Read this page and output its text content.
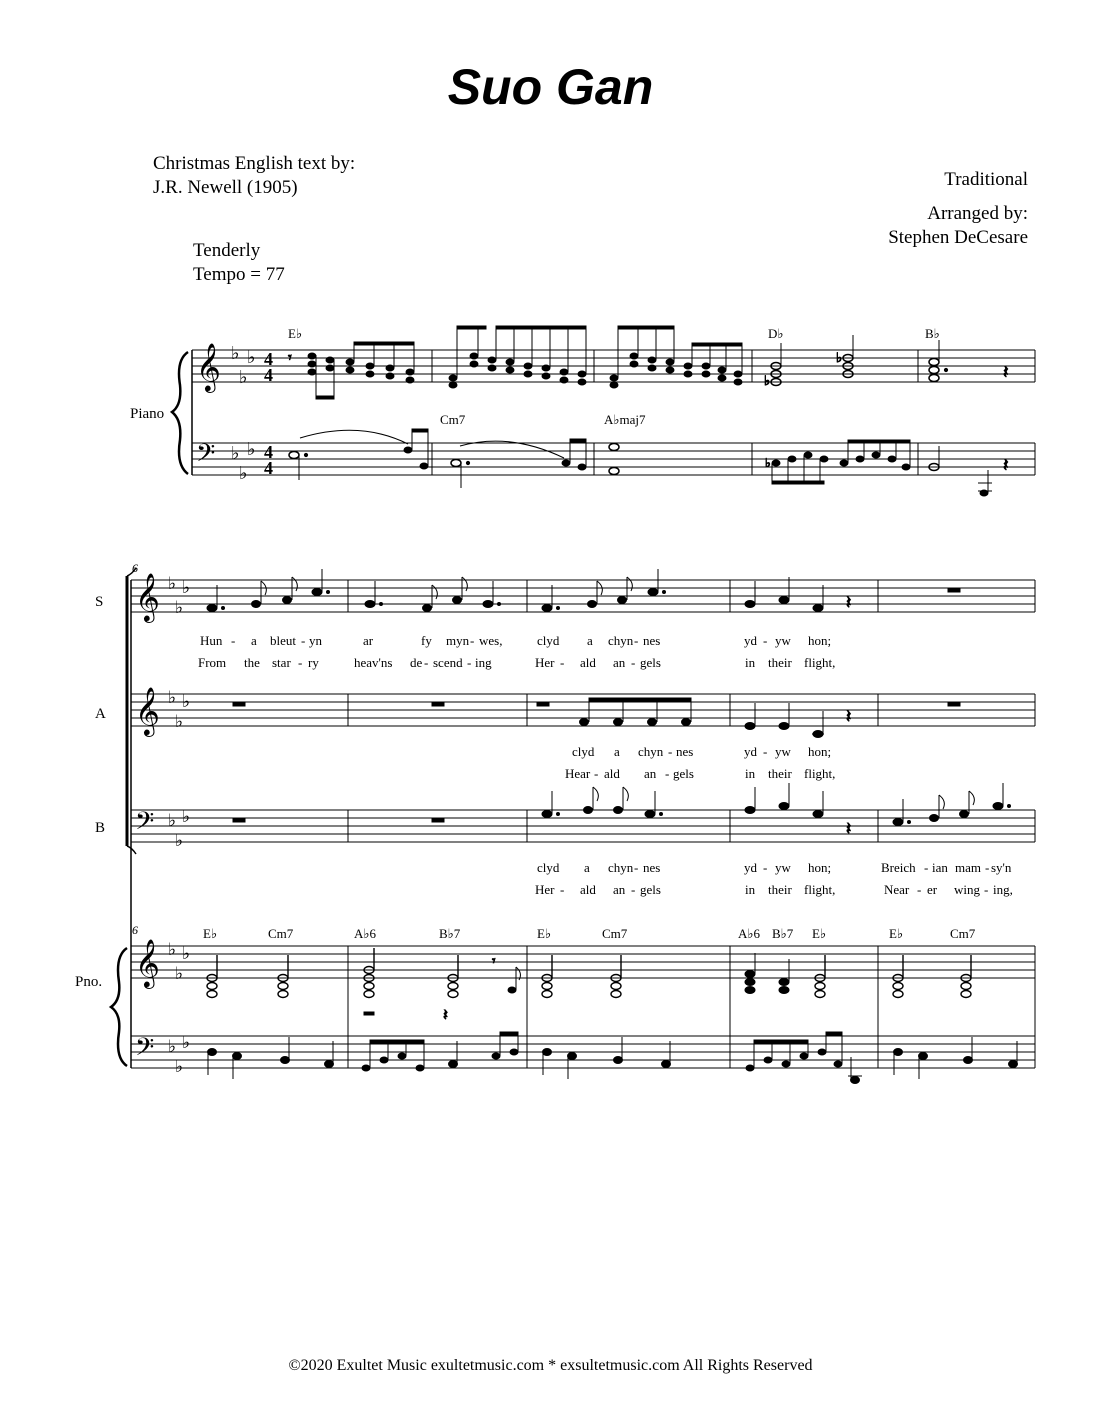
Suo Gan
Christmas English text by:
J.R. Newell (1905)	Traditional
Arranged by:
Stephen DeCesare
Tenderly
Tempo = 77
Piano
𝄞
𝄢
♭
♭
♭
♭
♭
♭
4
4
4
4
E♭	D♭	B♭
Cm7	A♭maj7
𝄾
♭
♭
𝄽
♭	𝄽
6
6
S
A
B
Pno.
𝄞
𝄞
𝄢
𝄞
𝄢
♭
♭
♭
♭
♭
♭
♭
♭
♭
♭
♭
♭
♭
♭
♭
𝄽
𝄽
𝄽
E♭	Cm7	A♭6	B♭7	E♭	Cm7	A♭6 B♭7 E♭	E♭	Cm7
𝄾
𝄽
Hun - a bleut - yn	ar	fy myn - wes,	clyd a chyn - nes	yd - yw hon;
From the star - ry	heav'ns de - scend - ing	Her - ald an - gels	in their flight,
clyd a chyn - nes	yd - yw hon;
Hear - ald an - gels	in their flight,
clyd a chyn - nes	yd - yw hon;	Breich - ian mam - sy'n
Her - ald an - gels	in their flight,	Near - er wing - ing,
©2020 Exultet Music exultetmusic.com * exsultetmusic.com All Rights Reserved
